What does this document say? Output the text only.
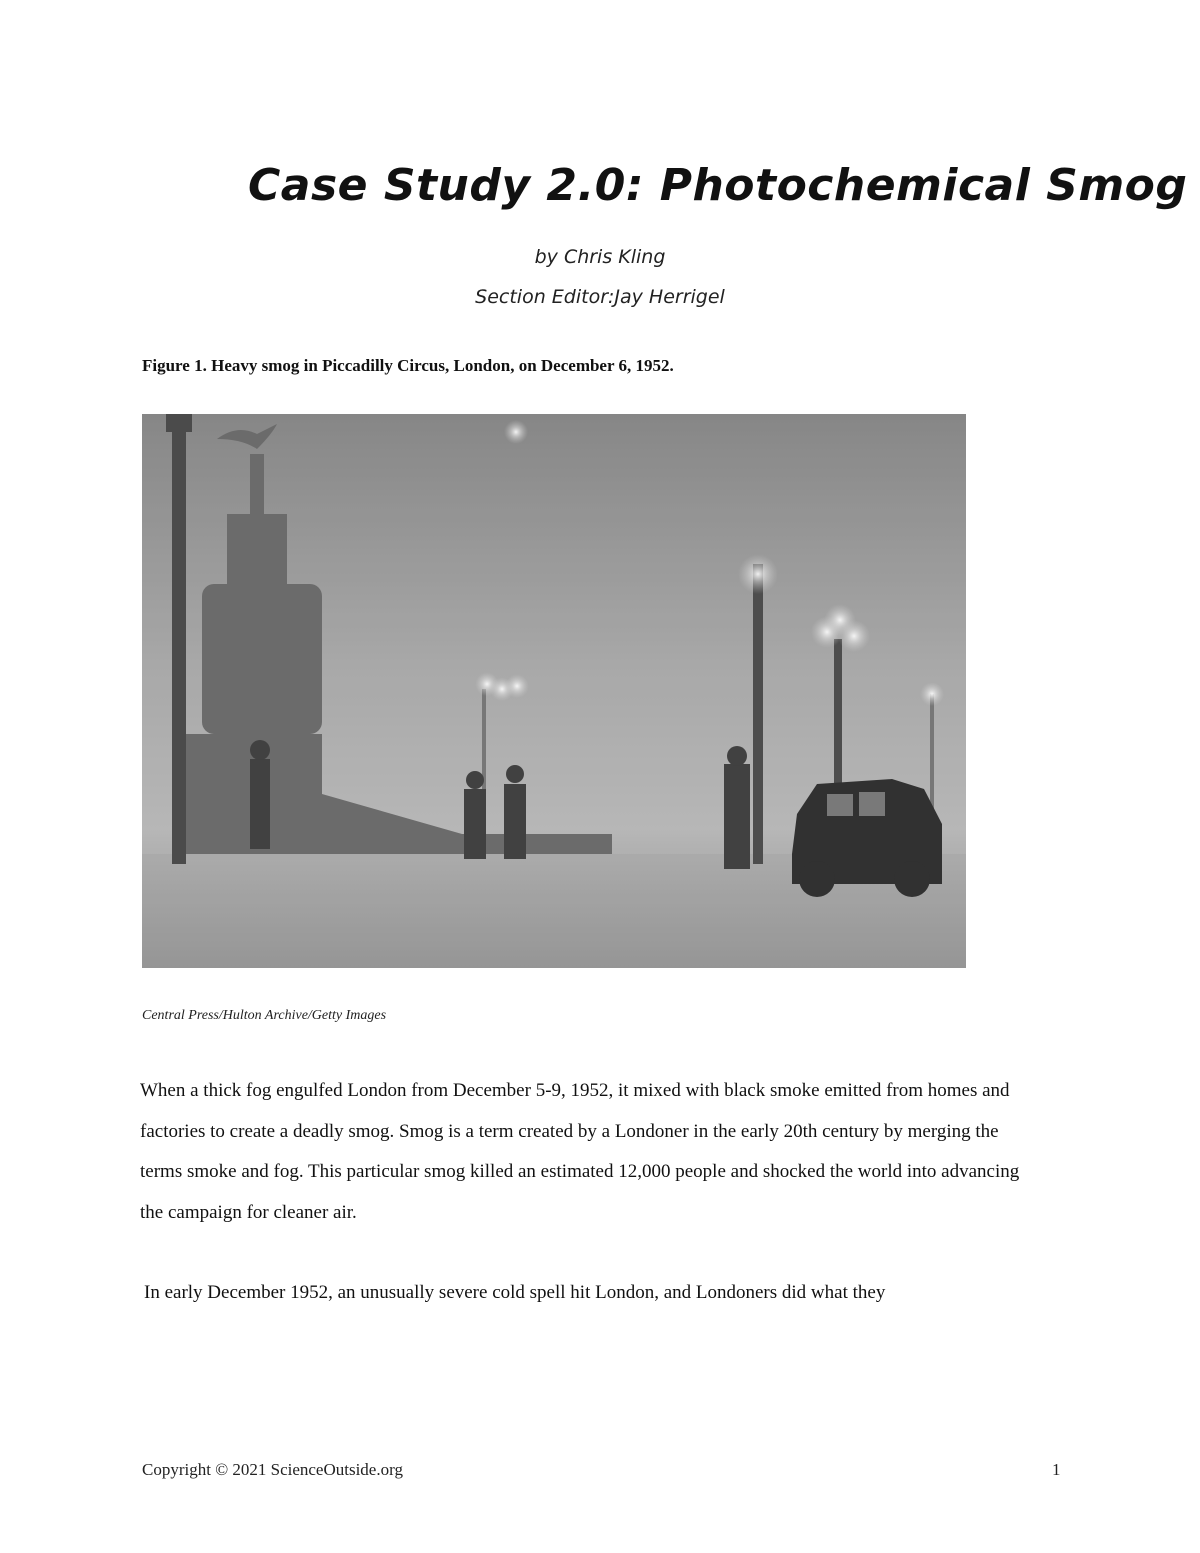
Case Study 2.0: Photochemical Smog
by Chris Kling
Section Editor:Jay Herrigel
Figure 1. Heavy smog in Piccadilly Circus, London, on December 6, 1952.
Central Press/Hulton Archive/Getty Images
When a thick fog engulfed London from December 5-9, 1952, it mixed with black smoke emitted from homes and factories to create a deadly smog. Smog is a term created by a Londoner in the early 20th century by merging the terms smoke and fog. This particular smog killed an estimated 12,000 people and shocked the world into advancing the campaign for cleaner air.
In early December 1952, an unusually severe cold spell hit London, and Londoners did what they
Copyright © 2021 ScienceOutside.org	1
